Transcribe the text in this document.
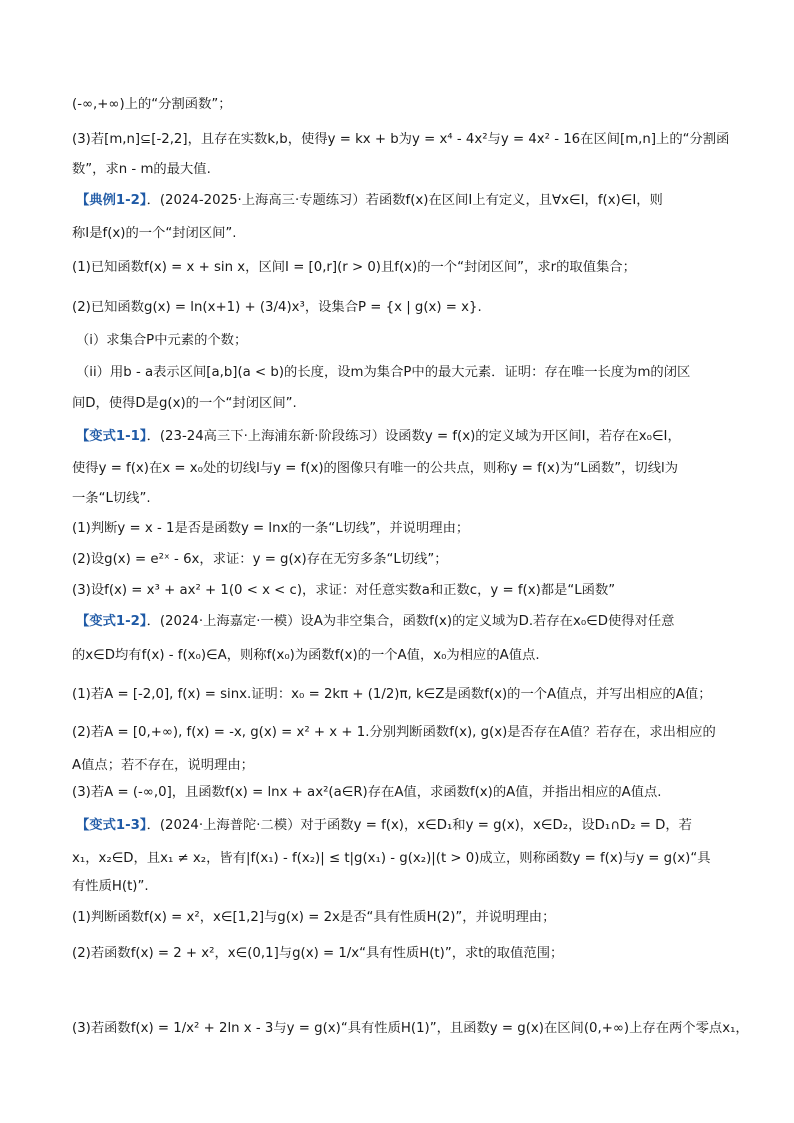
(-∞,+∞)上的“分割函数”；
(3)若[m,n]⊆[-2,2]，且存在实数k,b，使得y = kx + b为y = x⁴ - 4x²与y = 4x² - 16在区间[m,n]上的“分割函
数”，求n - m的最大值.
【典例1-2】．(2024-2025·上海高三·专题练习）若函数f(x)在区间I上有定义，且∀x∈I，f(x)∈I，则
称I是f(x)的一个“封闭区间”.
(1)已知函数f(x) = x + sin x，区间I = [0,r](r > 0)且f(x)的一个“封闭区间”，求r的取值集合；
(2)已知函数g(x) = ln(x+1) + (3/4)x³，设集合P = {x | g(x) = x}.
（i）求集合P中元素的个数；
（ii）用b - a表示区间[a,b](a < b)的长度，设m为集合P中的最大元素．证明：存在唯一长度为m的闭区
间D，使得D是g(x)的一个“封闭区间”.
【变式1-1】．(23-24高三下·上海浦东新·阶段练习）设函数y = f(x)的定义域为开区间I，若存在x₀∈I，
使得y = f(x)在x = x₀处的切线l与y = f(x)的图像只有唯一的公共点，则称y = f(x)为“L函数”，切线l为
一条“L切线”.
(1)判断y = x - 1是否是函数y = lnx的一条“L切线”，并说明理由；
(2)设g(x) = e²ˣ - 6x，求证：y = g(x)存在无穷多条“L切线”；
(3)设f(x) = x³ + ax² + 1(0 < x < c)，求证：对任意实数a和正数c，y = f(x)都是“L函数”
【变式1-2】．(2024·上海嘉定·一模）设A为非空集合，函数f(x)的定义域为D.若存在x₀∈D使得对任意
的x∈D均有f(x) - f(x₀)∈A，则称f(x₀)为函数f(x)的一个A值，x₀为相应的A值点.
(1)若A = [-2,0], f(x) = sinx.证明：x₀ = 2kπ + (1/2)π, k∈Z是函数f(x)的一个A值点，并写出相应的A值；
(2)若A = [0,+∞), f(x) = -x, g(x) = x² + x + 1.分别判断函数f(x), g(x)是否存在A值？若存在，求出相应的
A值点；若不存在，说明理由；
(3)若A = (-∞,0]，且函数f(x) = lnx + ax²(a∈R)存在A值，求函数f(x)的A值，并指出相应的A值点.
【变式1-3】．(2024·上海普陀·二模）对于函数y = f(x)，x∈D₁和y = g(x)，x∈D₂，设D₁∩D₂ = D，若
x₁，x₂∈D，且x₁ ≠ x₂，皆有|f(x₁) - f(x₂)| ≤ t|g(x₁) - g(x₂)|(t > 0)成立，则称函数y = f(x)与y = g(x)“具
有性质H(t)”.
(1)判断函数f(x) = x²，x∈[1,2]与g(x) = 2x是否“具有性质H(2)”，并说明理由；
(2)若函数f(x) = 2 + x²，x∈(0,1]与g(x) = 1/x“具有性质H(t)”，求t的取值范围；
(3)若函数f(x) = 1/x² + 2ln x - 3与y = g(x)“具有性质H(1)”，且函数y = g(x)在区间(0,+∞)上存在两个零点x₁，
